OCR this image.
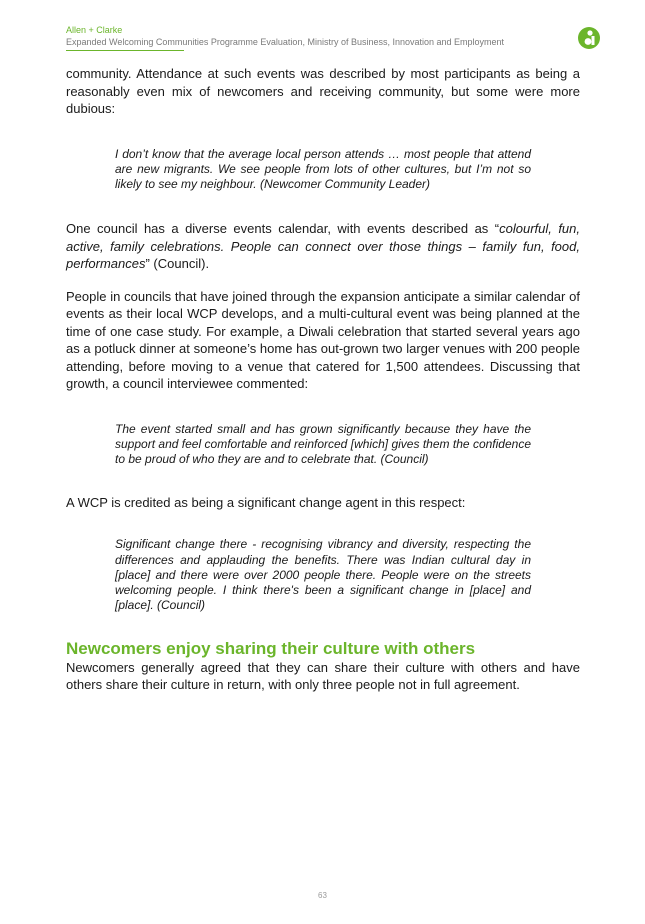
Allen + Clarke
Expanded Welcoming Communities Programme Evaluation, Ministry of Business, Innovation and Employment

community. Attendance at such events was described by most participants as being a reasonably even mix of newcomers and receiving community, but some were more dubious:

I don’t know that the average local person attends … most people that attend are new migrants. We see people from lots of other cultures, but I’m not so likely to see my neighbour. (Newcomer Community Leader)

One council has a diverse events calendar, with events described as “colourful, fun, active, family celebrations. People can connect over those things – family fun, food, performances” (Council).

People in councils that have joined through the expansion anticipate a similar calendar of events as their local WCP develops, and a multi-cultural event was being planned at the time of one case study. For example, a Diwali celebration that started several years ago as a potluck dinner at someone’s home has out-grown two larger venues with 200 people attending, before moving to a venue that catered for 1,500 attendees. Discussing that growth, a council interviewee commented:

The event started small and has grown significantly because they have the support and feel comfortable and reinforced [which] gives them the confidence to be proud of who they are and to celebrate that. (Council)

A WCP is credited as being a significant change agent in this respect:

Significant change there - recognising vibrancy and diversity, respecting the differences and applauding the benefits. There was Indian cultural day in [place] and there were over 2000 people there. People were on the streets welcoming people. I think there's been a significant change in [place] and [place]. (Council)

Newcomers enjoy sharing their culture with others

Newcomers generally agreed that they can share their culture with others and have others share their culture in return, with only three people not in full agreement.

63
